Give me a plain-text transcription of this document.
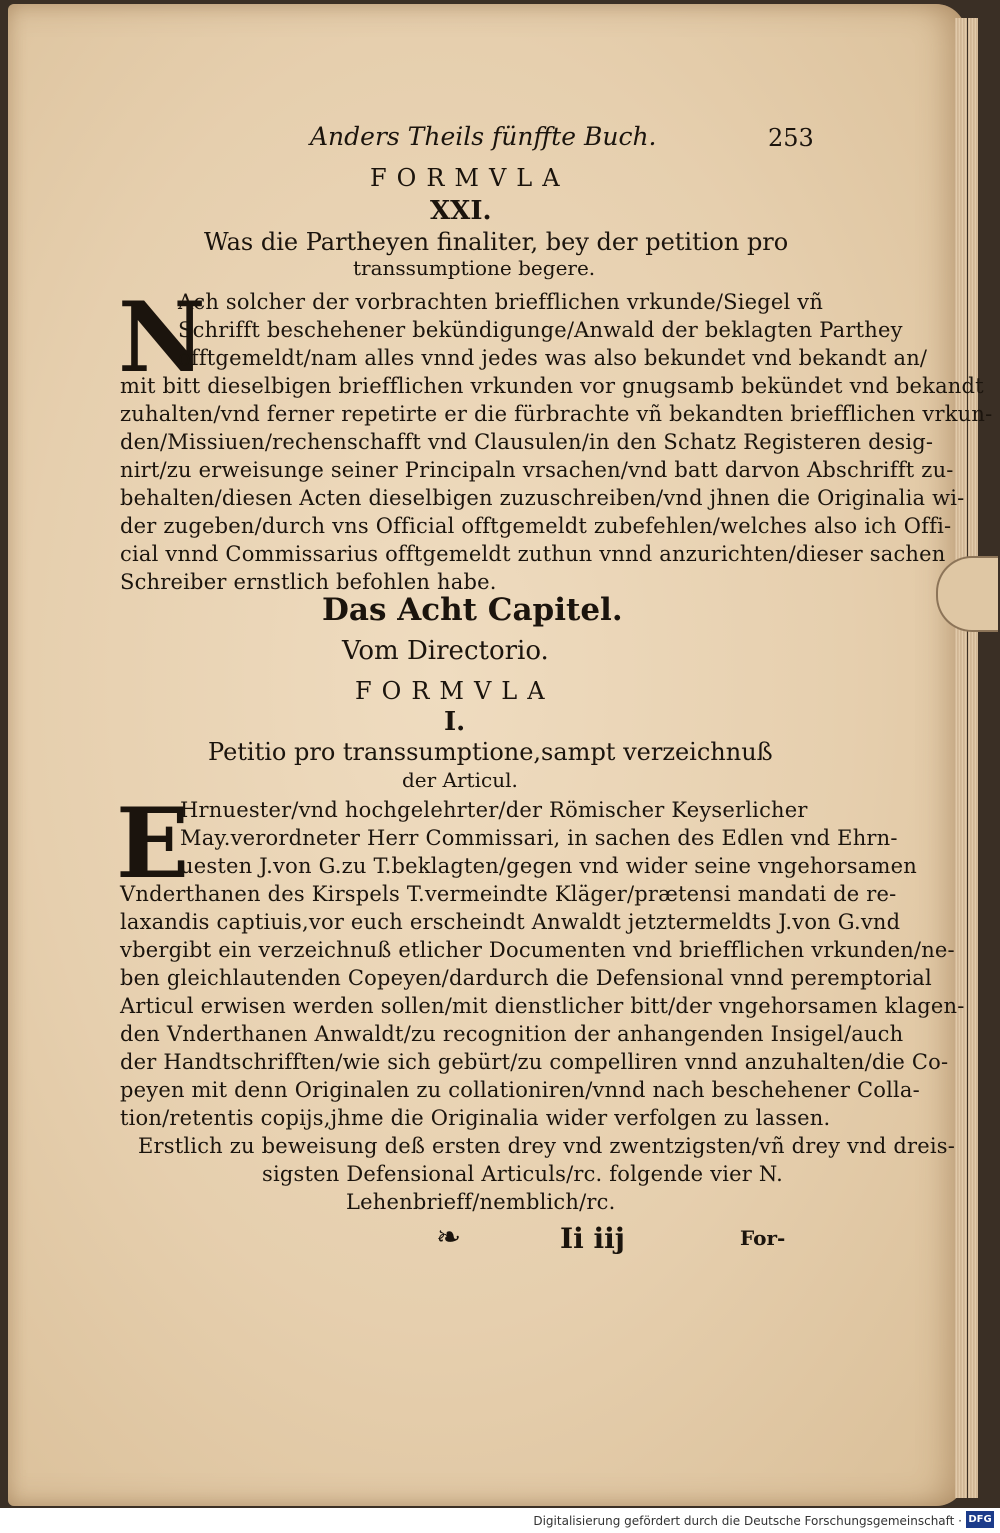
Anders Theils fünffte Buch.	253
FORMVLA
XXI.
Was die Partheyen finaliter, bey der petition pro
transsumptione begere.
N
Ach solcher der vorbrachten briefflichen vrkunde/Siegel vñ
Schrifft beschehener bekündigunge/Anwald der beklagten Parthey
offtgemeldt/nam alles vnnd jedes was also bekundet vnd bekandt an/
mit bitt dieselbigen briefflichen vrkunden vor gnugsamb bekündet vnd bekandt
zuhalten/vnd ferner repetirte er die fürbrachte vñ bekandten briefflichen vrkun-
den/Missiuen/rechenschafft vnd Clausulen/in den Schatz Registeren desig-
nirt/zu erweisunge seiner Principaln vrsachen/vnd batt darvon Abschrifft zu-
behalten/diesen Acten dieselbigen zuzuschreiben/vnd jhnen die Originalia wi-
der zugeben/durch vns Official offtgemeldt zubefehlen/welches also ich Offi-
cial vnnd Commissarius offtgemeldt zuthun vnnd anzurichten/dieser sachen
Schreiber ernstlich befohlen habe.
Das Acht Capitel.
Vom Directorio.
FORMVLA
I.
Petitio pro transsumptione,sampt verzeichnuß
der Articul.
E
Hrnuester/vnd hochgelehrter/der Römischer Keyserlicher
May.verordneter Herr Commissari, in sachen des Edlen vnd Ehrn-
uesten J.von G.zu T.beklagten/gegen vnd wider seine vngehorsamen
Vnderthanen des Kirspels T.vermeindte Kläger/prætensi mandati de re-
laxandis captiuis,vor euch erscheindt Anwaldt jetztermeldts J.von G.vnd
vbergibt ein verzeichnuß etlicher Documenten vnd briefflichen vrkunden/ne-
ben gleichlautenden Copeyen/dardurch die Defensional vnnd peremptorial
Articul erwisen werden sollen/mit dienstlicher bitt/der vngehorsamen klagen-
den Vnderthanen Anwaldt/zu recognition der anhangenden Insigel/auch
der Handtschrifften/wie sich gebürt/zu compelliren vnnd anzuhalten/die Co-
peyen mit denn Originalen zu collationiren/vnnd nach beschehener Colla-
tion/retentis copijs,jhme die Originalia wider verfolgen zu lassen.
Erstlich zu beweisung deß ersten drey vnd zwentzigsten/vñ drey vnd dreis-
sigsten Defensional Articuls/rc. folgende vier N.
Lehenbrieff/nemblich/rc.
❧	Ii iij	For-
Digitalisierung gefördert durch die Deutsche Forschungsgemeinschaft · DFG
